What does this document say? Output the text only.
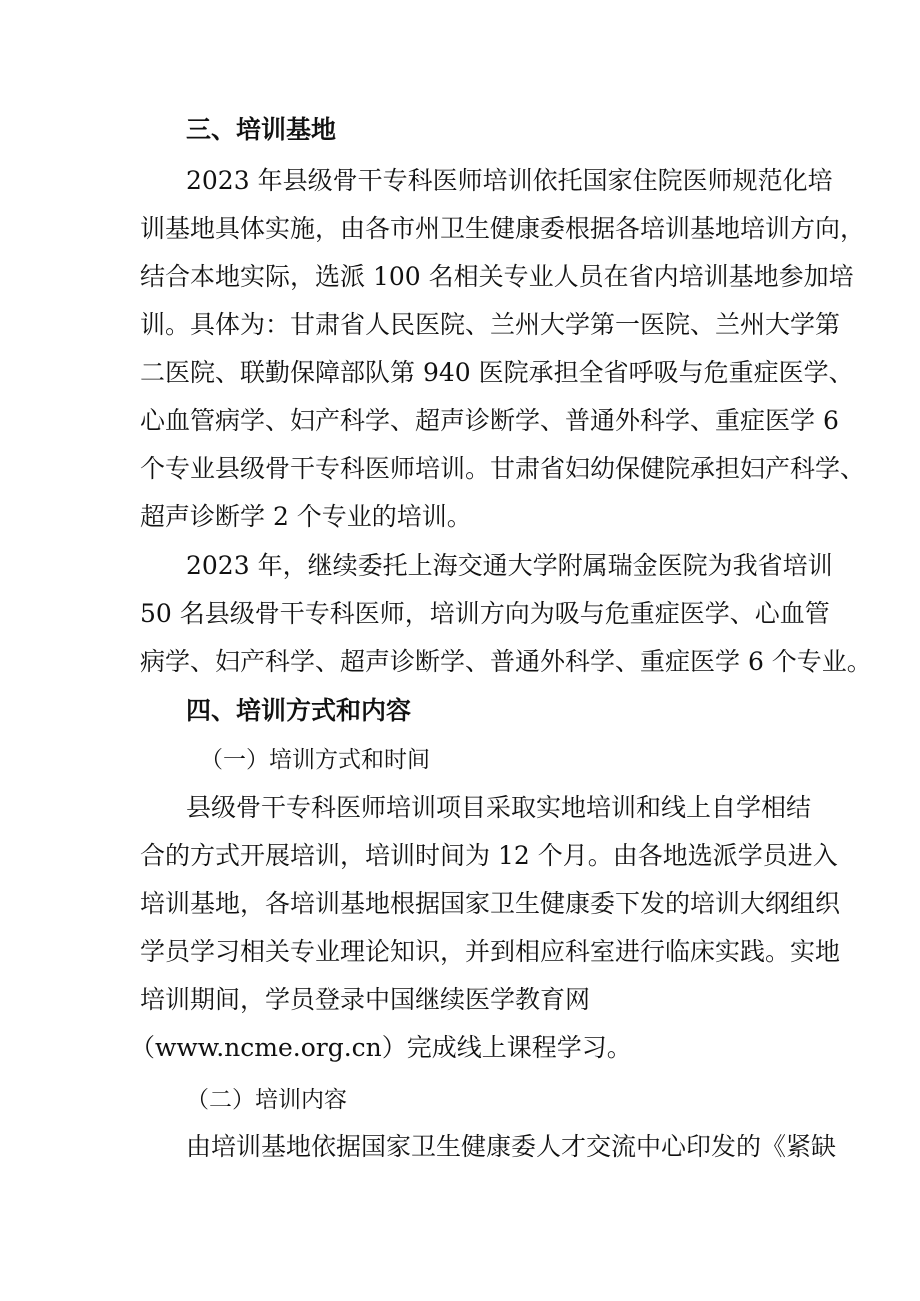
三、培训基地

2023 年县级骨干专科医师培训依托国家住院医师规范化培

训基地具体实施，由各市州卫生健康委根据各培训基地培训方向，

结合本地实际，选派 100 名相关专业人员在省内培训基地参加培

训。具体为：甘肃省人民医院、兰州大学第一医院、兰州大学第

二医院、联勤保障部队第 940 医院承担全省呼吸与危重症医学、

心血管病学、妇产科学、超声诊断学、普通外科学、重症医学 6

个专业县级骨干专科医师培训。甘肃省妇幼保健院承担妇产科学、

超声诊断学 2 个专业的培训。

2023 年，继续委托上海交通大学附属瑞金医院为我省培训

50 名县级骨干专科医师，培训方向为吸与危重症医学、心血管

病学、妇产科学、超声诊断学、普通外科学、重症医学 6 个专业。

四、培训方式和内容

（一）培训方式和时间

县级骨干专科医师培训项目采取实地培训和线上自学相结

合的方式开展培训，培训时间为 12 个月。由各地选派学员进入

培训基地，各培训基地根据国家卫生健康委下发的培训大纲组织

学员学习相关专业理论知识，并到相应科室进行临床实践。实地

培训期间，学员登录中国继续医学教育网

（www.ncme.org.cn）完成线上课程学习。

（二）培训内容

由培训基地依据国家卫生健康委人才交流中心印发的《紧缺
